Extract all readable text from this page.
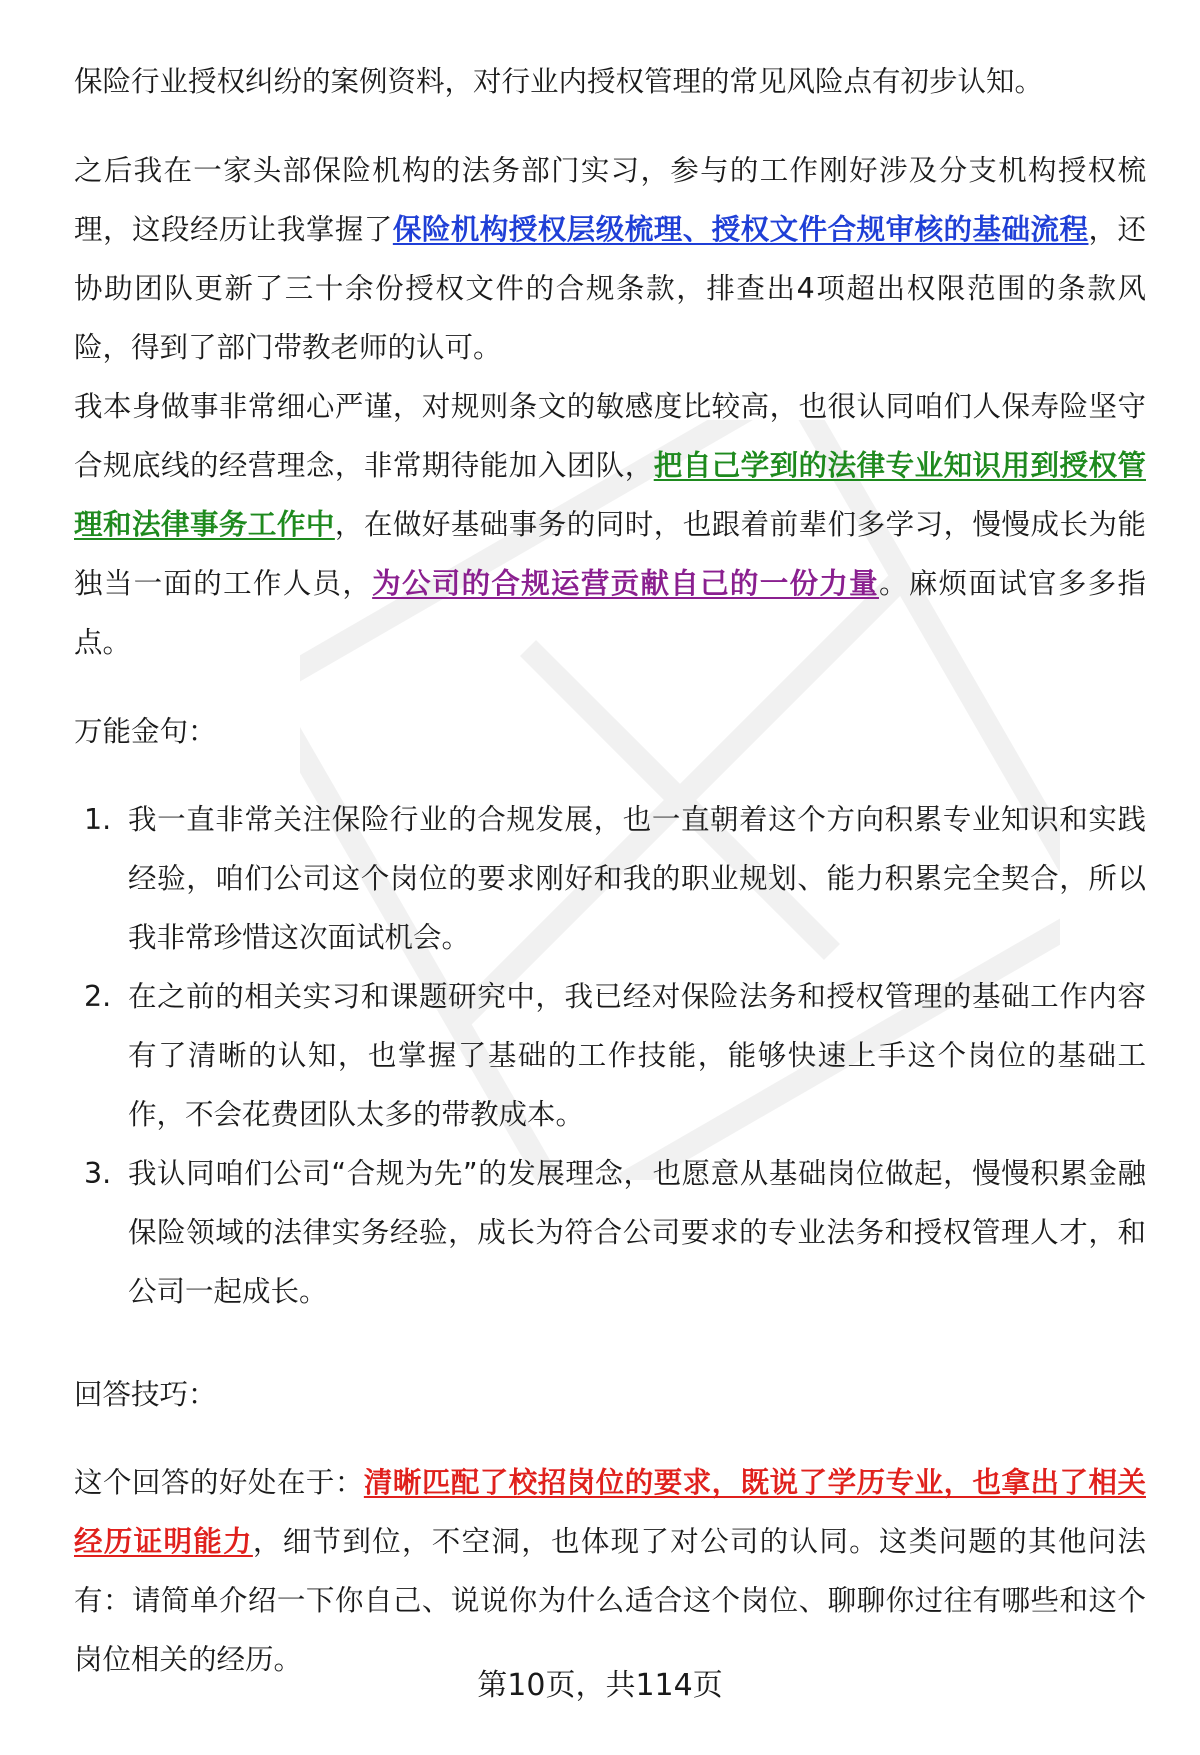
保险行业授权纠纷的案例资料，对行业内授权管理的常见风险点有初步认知。

之后我在一家头部保险机构的法务部门实习，参与的工作刚好涉及分支机构授权梳理，这段经历让我掌握了保险机构授权层级梳理、授权文件合规审核的基础流程，还协助团队更新了三十余份授权文件的合规条款，排查出4项超出权限范围的条款风险，得到了部门带教老师的认可。

我本身做事非常细心严谨，对规则条文的敏感度比较高，也很认同咱们人保寿险坚守合规底线的经营理念，非常期待能加入团队，把自己学到的法律专业知识用到授权管理和法律事务工作中，在做好基础事务的同时，也跟着前辈们多学习，慢慢成长为能独当一面的工作人员，为公司的合规运营贡献自己的一份力量。麻烦面试官多多指点。

万能金句：

1. 我一直非常关注保险行业的合规发展，也一直朝着这个方向积累专业知识和实践经验，咱们公司这个岗位的要求刚好和我的职业规划、能力积累完全契合，所以我非常珍惜这次面试机会。
2. 在之前的相关实习和课题研究中，我已经对保险法务和授权管理的基础工作内容有了清晰的认知，也掌握了基础的工作技能，能够快速上手这个岗位的基础工作，不会花费团队太多的带教成本。
3. 我认同咱们公司“合规为先”的发展理念，也愿意从基础岗位做起，慢慢积累金融保险领域的法律实务经验，成长为符合公司要求的专业法务和授权管理人才，和公司一起成长。

回答技巧：

这个回答的好处在于：清晰匹配了校招岗位的要求，既说了学历专业，也拿出了相关经历证明能力，细节到位，不空洞，也体现了对公司的认同。这类问题的其他问法有：请简单介绍一下你自己、说说你为什么适合这个岗位、聊聊你过往有哪些和这个岗位相关的经历。

第10页，共114页
